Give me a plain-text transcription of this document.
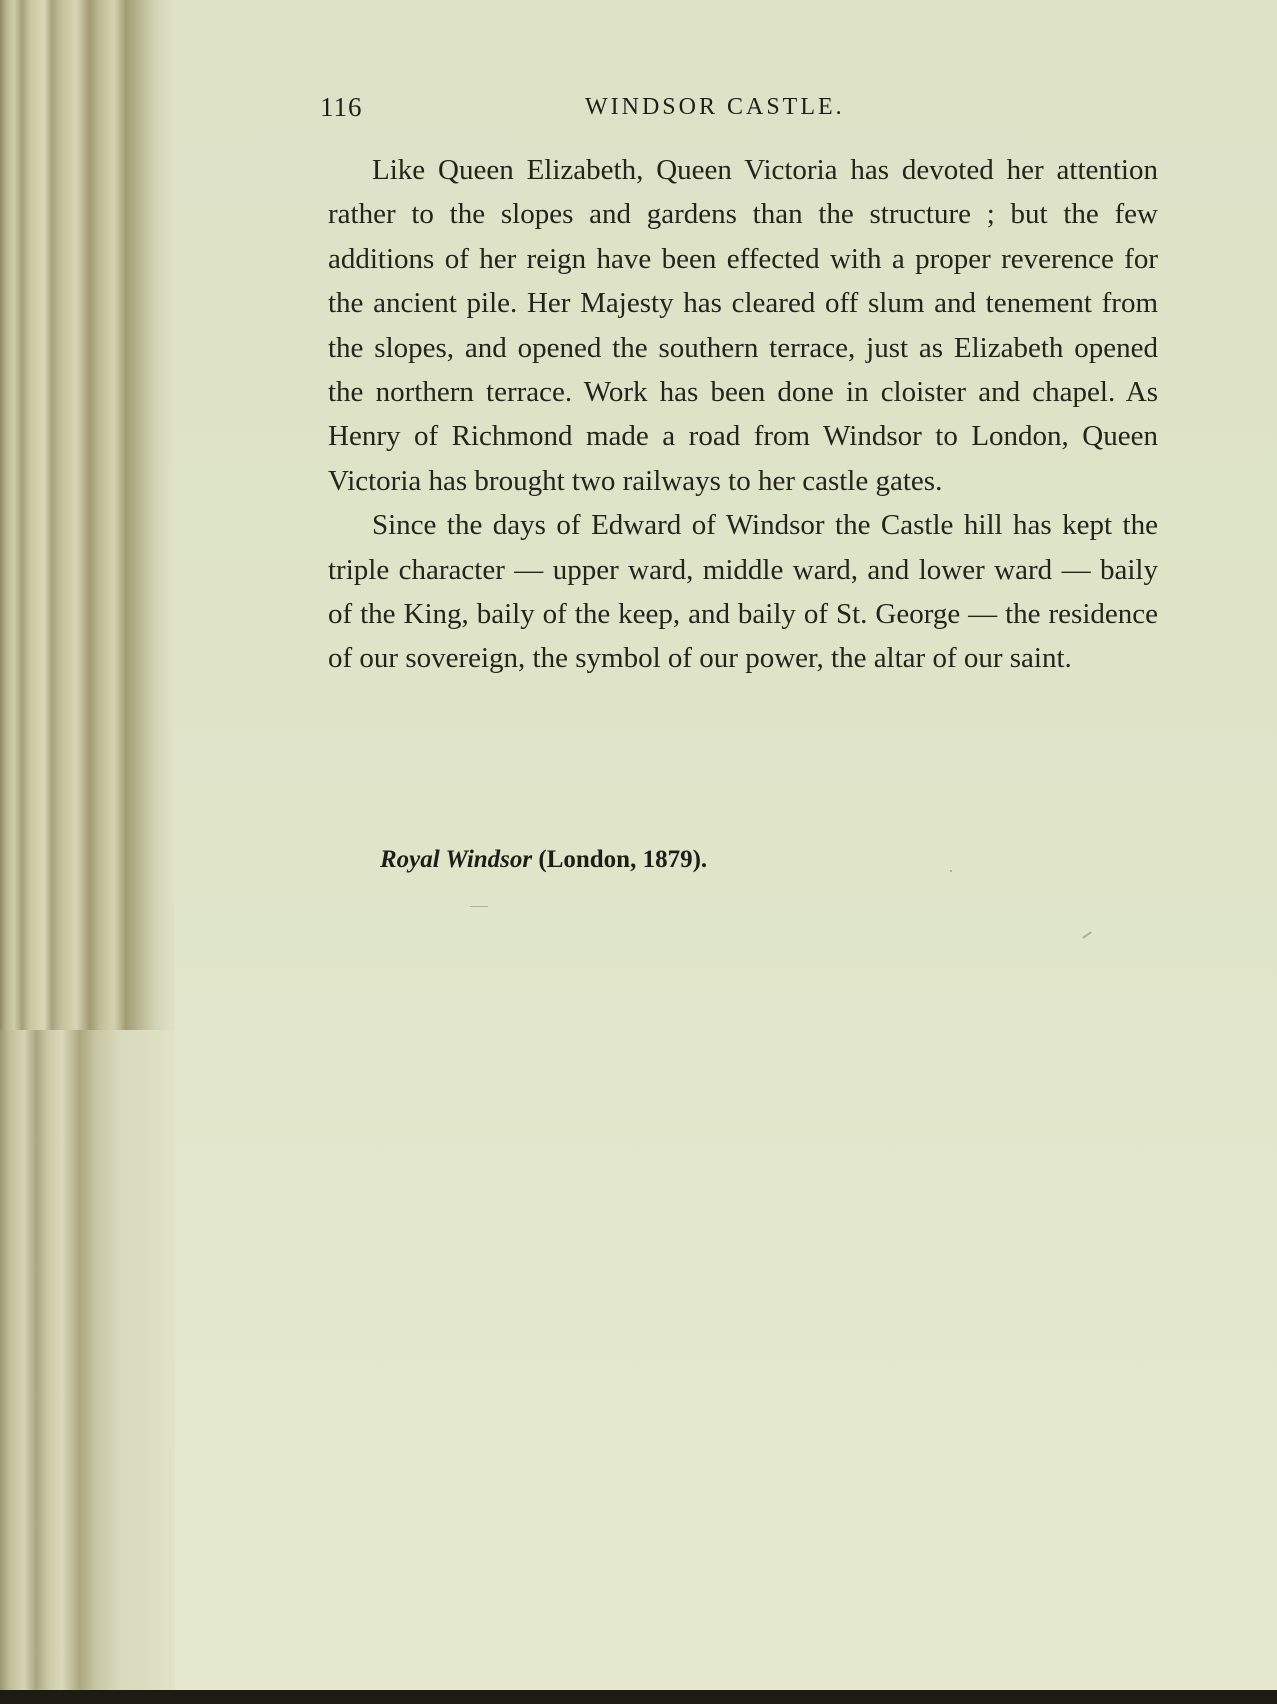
116	WINDSOR CASTLE.

Like Queen Elizabeth, Queen Victoria has devoted her attention rather to the slopes and gardens than the structure ; but the few additions of her reign have been effected with a proper reverence for the ancient pile. Her Majesty has cleared off slum and tenement from the slopes, and opened the southern terrace, just as Elizabeth opened the northern terrace. Work has been done in cloister and chapel. As Henry of Richmond made a road from Windsor to London, Queen Victoria has brought two railways to her castle gates.

Since the days of Edward of Windsor the Castle hill has kept the triple character — upper ward, middle ward, and lower ward — baily of the King, baily of the keep, and baily of St. George — the residence of our sovereign, the symbol of our power, the altar of our saint.

Royal Windsor (London, 1879).
